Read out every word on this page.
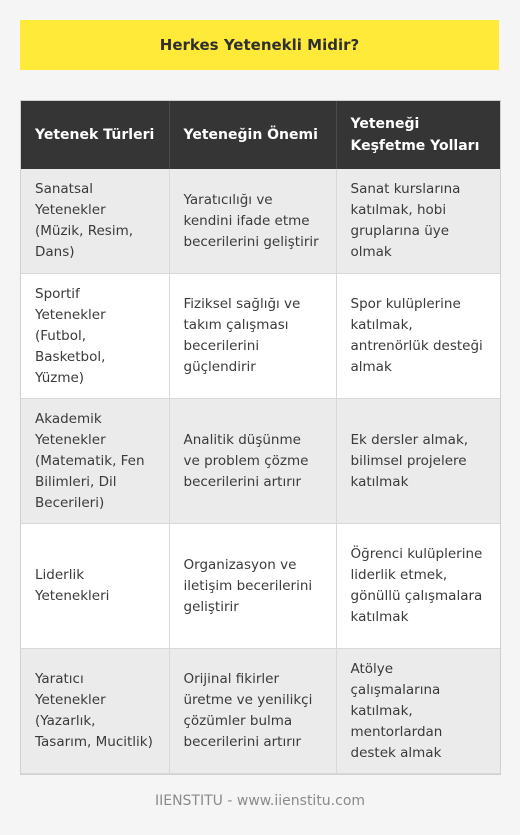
Herkes Yetenekli Midir?
Yetenek Türleri	Yeteneğin Önemi	Yeteneği Keşfetme Yolları
Sanatsal Yetenekler (Müzik, Resim, Dans)	Yaratıcılığı ve kendini ifade etme becerilerini geliştirir	Sanat kurslarına katılmak, hobi gruplarına üye olmak
Sportif Yetenekler (Futbol, Basketbol, Yüzme)	Fiziksel sağlığı ve takım çalışması becerilerini güçlendirir	Spor kulüplerine katılmak, antrenörlük desteği almak
Akademik Yetenekler (Matematik, Fen Bilimleri, Dil Becerileri)	Analitik düşünme ve problem çözme becerilerini artırır	Ek dersler almak, bilimsel projelere katılmak
Liderlik Yetenekleri	Organizasyon ve iletişim becerilerini geliştirir	Öğrenci kulüplerine liderlik etmek, gönüllü çalışmalara katılmak
Yaratıcı Yetenekler (Yazarlık, Tasarım, Mucitlik)	Orijinal fikirler üretme ve yenilikçi çözümler bulma becerilerini artırır	Atölye çalışmalarına katılmak, mentorlardan destek almak
IIENSTITU - www.iienstitu.com
